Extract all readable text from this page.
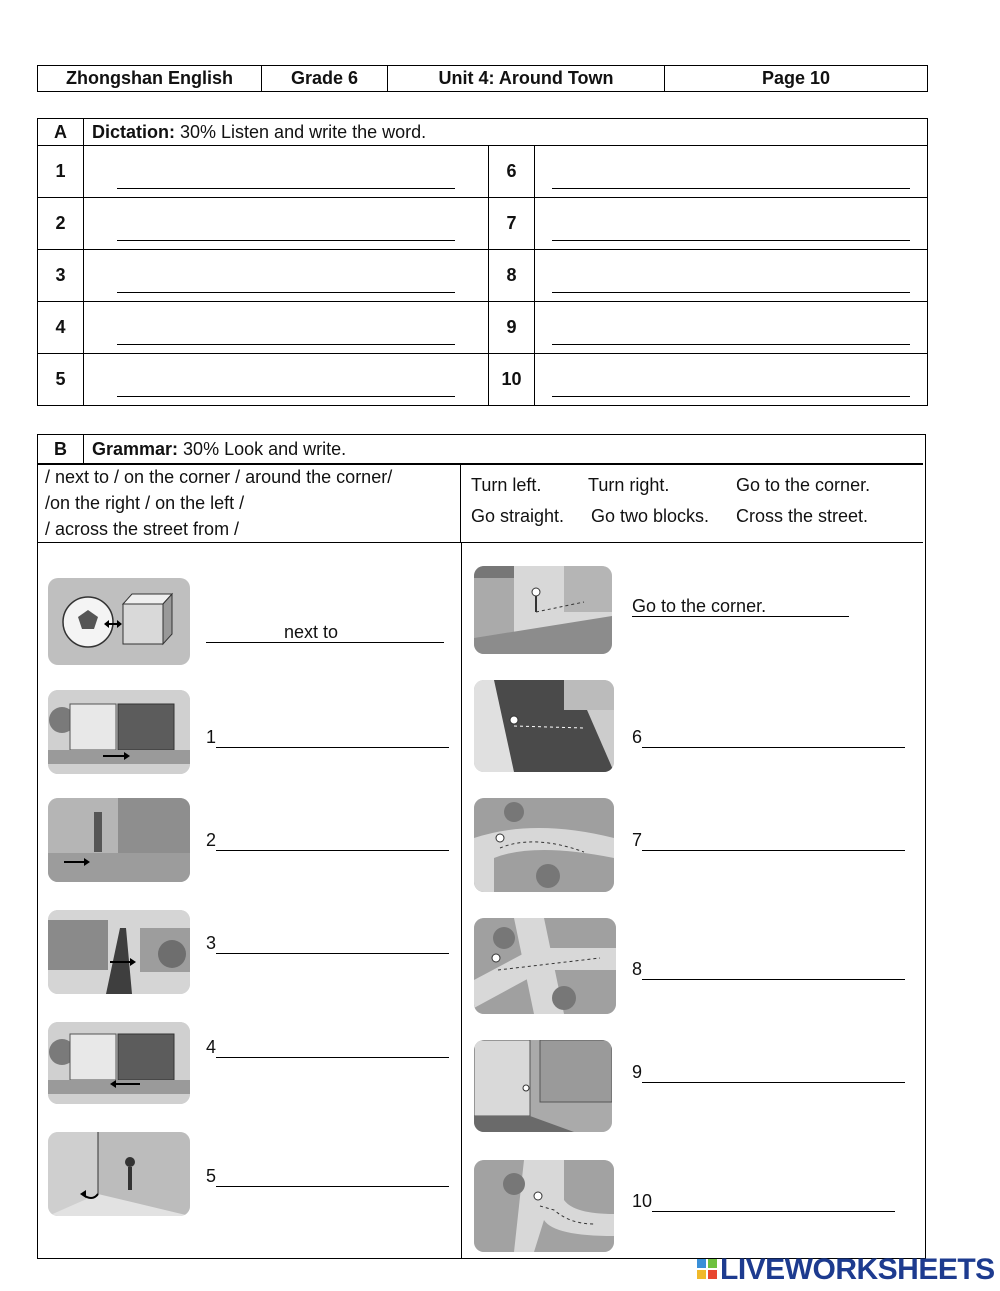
Zhongshan English	Grade 6	Unit 4: Around Town	Page 10
A	Dictation: 30% Listen and write the word.		
1		6	

2		7	

3		8	

4		9	

5		10	
B	Grammar: 30% Look and write.
/ next to / on the corner / around the corner/
/on the right / on the left /
/ across the street from /
Turn left.	Turn right.	Go to the corner.
Go straight. Go two blocks. Cross the street.
next to
1
2
3
4
5
Go to the corner.
6
7
8
9
10
LIVEWORKSHEETS
